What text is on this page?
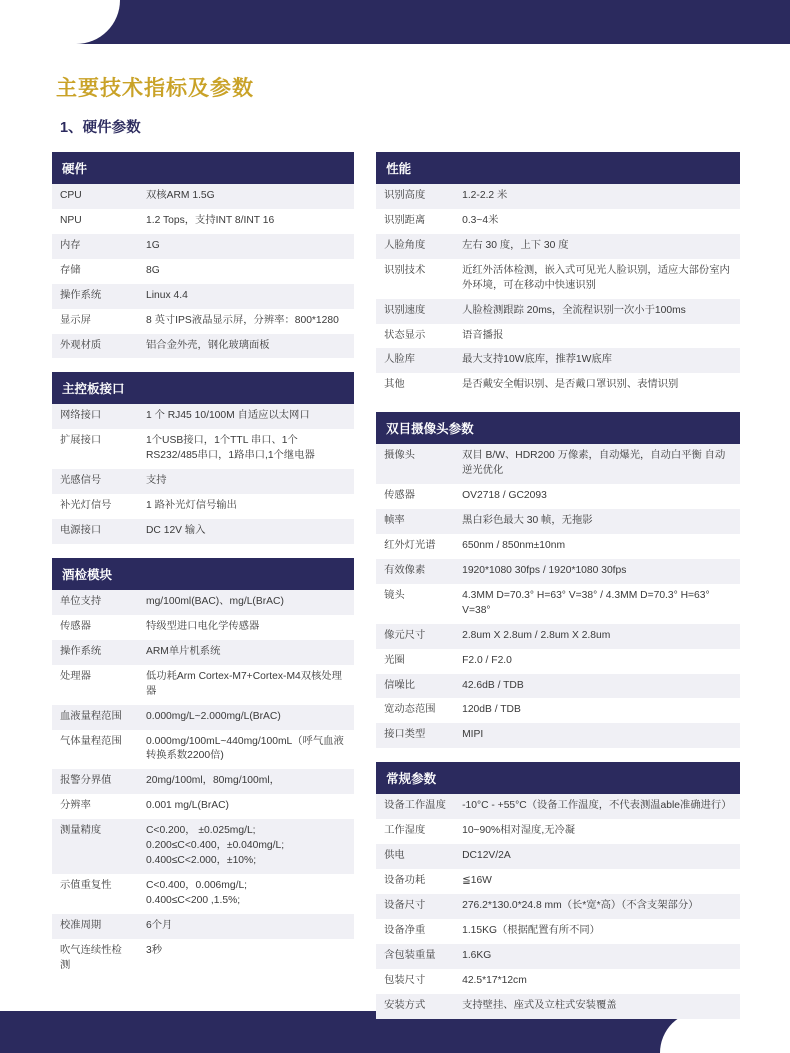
主要技术指标及参数
1、硬件参数
硬件
CPU	双核ARM 1.5G
NPU	1.2 Tops，支持INT 8/INT 16
内存	1G
存储	8G
操作系统	Linux 4.4
显示屏	8 英寸IPS液晶显示屏，分辨率：800*1280
外观材质	铝合金外壳，钢化玻璃面板
主控板接口
网络接口	1 个 RJ45 10/100M 自适应以太网口
扩展接口	1个USB接口，1个TTL 串口、1个RS232/485串口，1路串口,1个继电器
光感信号	支持
补光灯信号	1 路补光灯信号输出
电源接口	DC 12V 输入
酒检模块
单位支持	mg/100ml(BAC)、mg/L(BrAC)
传感器	特级型进口电化学传感器
操作系统	ARM单片机系统
处理器	低功耗Arm Cortex-M7+Cortex-M4双核处理器
血液量程范围	0.000mg/L~2.000mg/L(BrAC)
气体量程范围	0.000mg/100mL~440mg/100mL（呼气血液转换系数2200倍)
报警分界值	20mg/100ml，80mg/100ml，
分辨率	0.001 mg/L(BrAC)
测量精度	C<0.200， ±0.025mg/L;
0.200≤C<0.400，±0.040mg/L;
0.400≤C<2.000，±10%;

示值重复性	C<0.400，0.006mg/L;
0.400≤C<200 ,1.5%;

校准周期	6个月
吹气连续性检测	3秒
性能
识别高度	1.2-2.2 米
识别距离	0.3~4米
人脸角度	左右 30 度，上下 30 度
识别技术	近红外活体检测，嵌入式可见光人脸识别，适应大部份室内外环境，可在移动中快速识别
识别速度	人脸检测跟踪 20ms，全流程识别一次小于100ms
状态显示	语音播报
人脸库	最大支持10W底库，推荐1W底库
其他	是否戴安全帽识别、是否戴口罩识别、表情识别
双目摄像头参数
摄像头	双目 B/W、HDR200 万像素，自动爆光，自动白平衡 自动逆光优化
传感器	OV2718 / GC2093
帧率	黑白彩色最大 30 帧，无拖影
红外灯光谱	650nm / 850nm±10nm
有效像素	1920*1080 30fps / 1920*1080 30fps
镜头	4.3MM D=70.3° H=63° V=38° / 4.3MM D=70.3° H=63° V=38°
像元尺寸	2.8um X 2.8um / 2.8um X 2.8um
光圈	F2.0 / F2.0
信噪比	42.6dB / TDB
宽动态范围	120dB / TDB
接口类型	MIPI
常规参数
设备工作温度	-10°C - +55°C（设备工作温度，不代表测温able准确进行）
工作湿度	10~90%相对湿度,无冷凝
供电	DC12V/2A
设备功耗	≦16W
设备尺寸	276.2*130.0*24.8 mm（长*宽*高）（不含支架部分）
设备净重	1.15KG（根据配置有所不同）
含包装重量	1.6KG
包装尺寸	42.5*17*12cm
安装方式	支持壁挂、座式及立柱式安装覆盖
